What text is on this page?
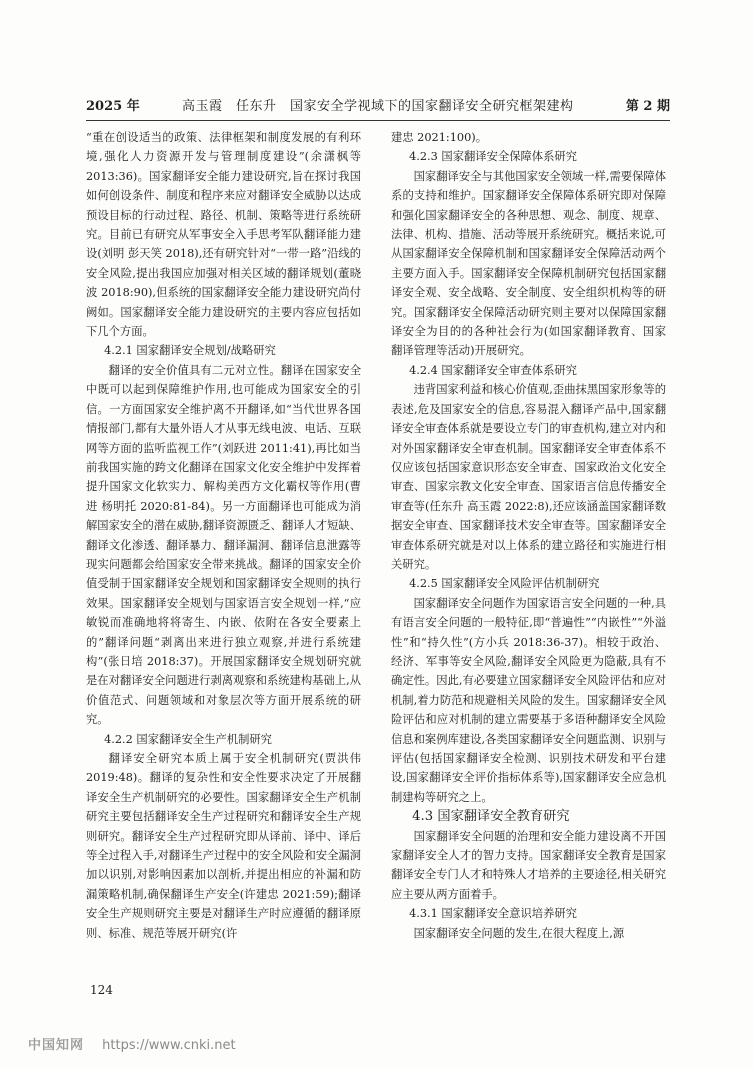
2025 年	高玉霞　任东升　国家安全学视域下的国家翻译安全研究框架建构	第 2 期

“重在创设适当的政策、法律框架和制度发展的有利环境,强化人力资源开发与管理制度建设”(余潇枫等 2013:36)。国家翻译安全能力建设研究,旨在探讨我国如何创设条件、制度和程序来应对翻译安全威胁以达成预设目标的行动过程、路径、机制、策略等进行系统研究。目前已有研究从军事安全入手思考军队翻译能力建设(刘明 彭天笑 2018),还有研究针对“一带一路”沿线的安全风险,提出我国应加强对相关区域的翻译规划(董晓波 2018:90),但系统的国家翻译安全能力建设研究尚付阙如。国家翻译安全能力建设研究的主要内容应包括如下几个方面。

4.2.1 国家翻译安全规划/战略研究

翻译的安全价值具有二元对立性。翻译在国家安全中既可以起到保障维护作用,也可能成为国家安全的引信。一方面国家安全维护离不开翻译,如“当代世界各国情报部门,都有大量外语人才从事无线电波、电话、互联网等方面的监听监视工作”(刘跃进 2011:41),再比如当前我国实施的跨文化翻译在国家文化安全维护中发挥着提升国家文化软实力、解构美西方文化霸权等作用(曹进 杨明托 2020:81-84)。另一方面翻译也可能成为消解国家安全的潜在威胁,翻译资源匮乏、翻译人才短缺、翻译文化渗透、翻译暴力、翻译漏洞、翻译信息泄露等现实问题都会给国家安全带来挑战。翻译的国家安全价值受制于国家翻译安全规划和国家翻译安全规则的执行效果。国家翻译安全规划与国家语言安全规划一样,“应敏锐而准确地将将寄生、内嵌、依附在各安全要素上的”翻译问题“剥离出来进行独立观察,并进行系统建构”(张日培 2018:37)。开展国家翻译安全规划研究就是在对翻译安全问题进行剥离观察和系统建构基础上,从价值范式、问题领域和对象层次等方面开展系统的研究。

4.2.2 国家翻译安全生产机制研究

翻译安全研究本质上属于安全机制研究(贾洪伟 2019:48)。翻译的复杂性和安全性要求决定了开展翻译安全生产机制研究的必要性。国家翻译安全生产机制研究主要包括翻译安全生产过程研究和翻译安全生产规则研究。翻译安全生产过程研究即从译前、译中、译后等全过程入手,对翻译生产过程中的安全风险和安全漏洞加以识别,对影响因素加以剖析,并提出相应的补漏和防漏策略机制,确保翻译生产安全(许建忠 2021:59);翻译安全生产规则研究主要是对翻译生产时应遵循的翻译原则、标准、规范等展开研究(许

建忠 2021:100)。

4.2.3 国家翻译安全保障体系研究

国家翻译安全与其他国家安全领域一样,需要保障体系的支持和维护。国家翻译安全保障体系研究即对保障和强化国家翻译安全的各种思想、观念、制度、规章、法律、机构、措施、活动等展开系统研究。概括来说,可从国家翻译安全保障机制和国家翻译安全保障活动两个主要方面入手。国家翻译安全保障机制研究包括国家翻译安全观、安全战略、安全制度、安全组织机构等的研究。国家翻译安全保障活动研究则主要对以保障国家翻译安全为目的的各种社会行为(如国家翻译教育、国家翻译管理等活动)开展研究。

4.2.4 国家翻译安全审查体系研究

违背国家利益和核心价值观,歪曲抹黑国家形象等的表述,危及国家安全的信息,容易混入翻译产品中,国家翻译安全审查体系就是要设立专门的审查机构,建立对内和对外国家翻译安全审查机制。国家翻译安全审查体系不仅应该包括国家意识形态安全审查、国家政治文化安全审查、国家宗教文化安全审查、国家语言信息传播安全审查等(任东升 高玉霞 2022:8),还应该涵盖国家翻译数据安全审查、国家翻译技术安全审查等。国家翻译安全审查体系研究就是对以上体系的建立路径和实施进行相关研究。

4.2.5 国家翻译安全风险评估机制研究

国家翻译安全问题作为国家语言安全问题的一种,具有语言安全问题的一般特征,即“普遍性”“内嵌性”“外溢性”和“持久性”(方小兵 2018:36-37)。相较于政治、经济、军事等安全风险,翻译安全风险更为隐蔽,具有不确定性。因此,有必要建立国家翻译安全风险评估和应对机制,着力防范和规避相关风险的发生。国家翻译安全风险评估和应对机制的建立需要基于多语种翻译安全风险信息和案例库建设,各类国家翻译安全问题监测、识别与评估(包括国家翻译安全检测、识别技术研发和平台建设,国家翻译安全评价指标体系等),国家翻译安全应急机制建构等研究之上。

4.3 国家翻译安全教育研究

国家翻译安全问题的治理和安全能力建设离不开国家翻译安全人才的智力支持。国家翻译安全教育是国家翻译安全专门人才和特殊人才培养的主要途径,相关研究应主要从两方面着手。

4.3.1 国家翻译安全意识培养研究

国家翻译安全问题的发生,在很大程度上,源

124
中国知网 https://www.cnki.net
